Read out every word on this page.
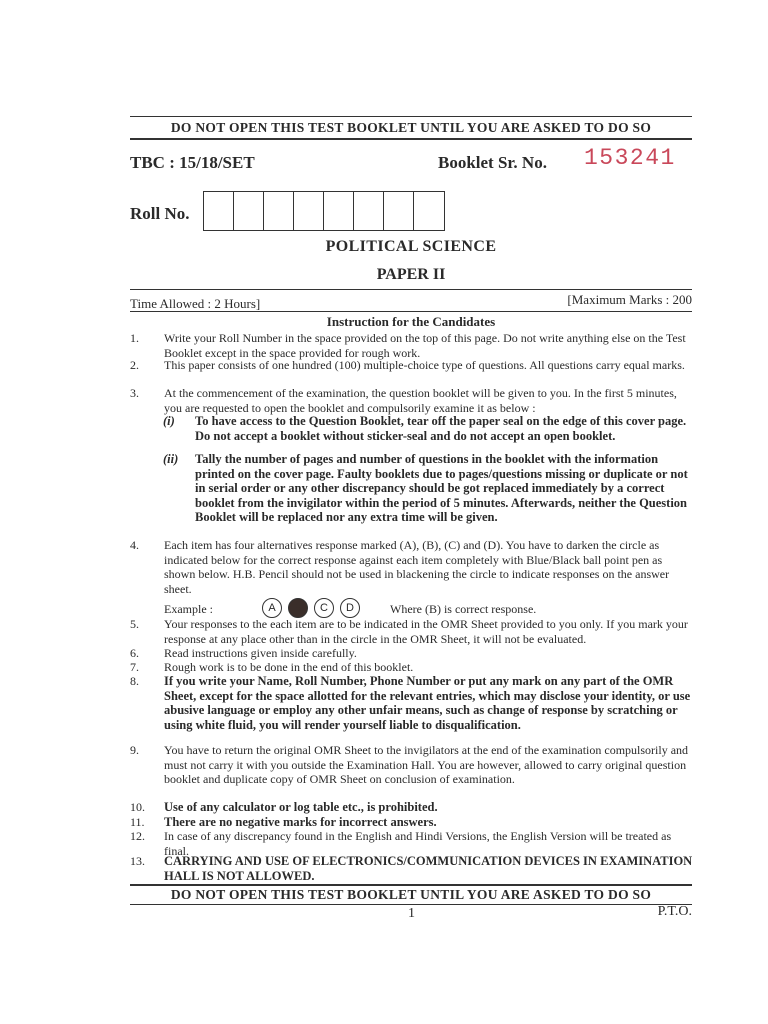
DO NOT OPEN THIS TEST BOOKLET UNTIL YOU ARE ASKED TO DO SO
TBC : 15/18/SET	Booklet Sr. No. 153241
Roll No.
POLITICAL SCIENCE
PAPER II
Time Allowed : 2 Hours]	[Maximum Marks : 200
Instruction for the Candidates
1.	Write your Roll Number in the space provided on the top of this page. Do not write anything else on the Test Booklet except in the space provided for rough work.
2.	This paper consists of one hundred (100) multiple-choice type of questions. All questions carry equal marks.
3.	At the commencement of the examination, the question booklet will be given to you. In the first 5 minutes, you are requested to open the booklet and compulsorily examine it as below :
(i) To have access to the Question Booklet, tear off the paper seal on the edge of this cover page. Do not accept a booklet without sticker-seal and do not accept an open booklet.
(ii) Tally the number of pages and number of questions in the booklet with the information printed on the cover page. Faulty booklets due to pages/questions missing or duplicate or not in serial order or any other discrepancy should be got replaced immediately by a correct booklet from the invigilator within the period of 5 minutes. Afterwards, neither the Question Booklet will be replaced nor any extra time will be given.
4.	Each item has four alternatives response marked (A), (B), (C) and (D). You have to darken the circle as indicated below for the correct response against each item completely with Blue/Black ball point pen as shown below. H.B. Pencil should not be used in blackening the circle to indicate responses on the answer sheet.
Example :	A	B	C	D	Where (B) is correct response.
5.	Your responses to the each item are to be indicated in the OMR Sheet provided to you only. If you mark your response at any place other than in the circle in the OMR Sheet, it will not be evaluated.
6.	Read instructions given inside carefully.
7.	Rough work is to be done in the end of this booklet.
8.	If you write your Name, Roll Number, Phone Number or put any mark on any part of the OMR Sheet, except for the space allotted for the relevant entries, which may disclose your identity, or use abusive language or employ any other unfair means, such as change of response by scratching or using white fluid, you will render yourself liable to disqualification.
9.	You have to return the original OMR Sheet to the invigilators at the end of the examination compulsorily and must not carry it with you outside the Examination Hall. You are however, allowed to carry original question booklet and duplicate copy of OMR Sheet on conclusion of examination.
10.	Use of any calculator or log table etc., is prohibited.
11.	There are no negative marks for incorrect answers.
12.	In case of any discrepancy found in the English and Hindi Versions, the English Version will be treated as final.
13.	CARRYING AND USE OF ELECTRONICS/COMMUNICATION DEVICES IN EXAMINATION HALL IS NOT ALLOWED.
DO NOT OPEN THIS TEST BOOKLET UNTIL YOU ARE ASKED TO DO SO
1	P.T.O.
